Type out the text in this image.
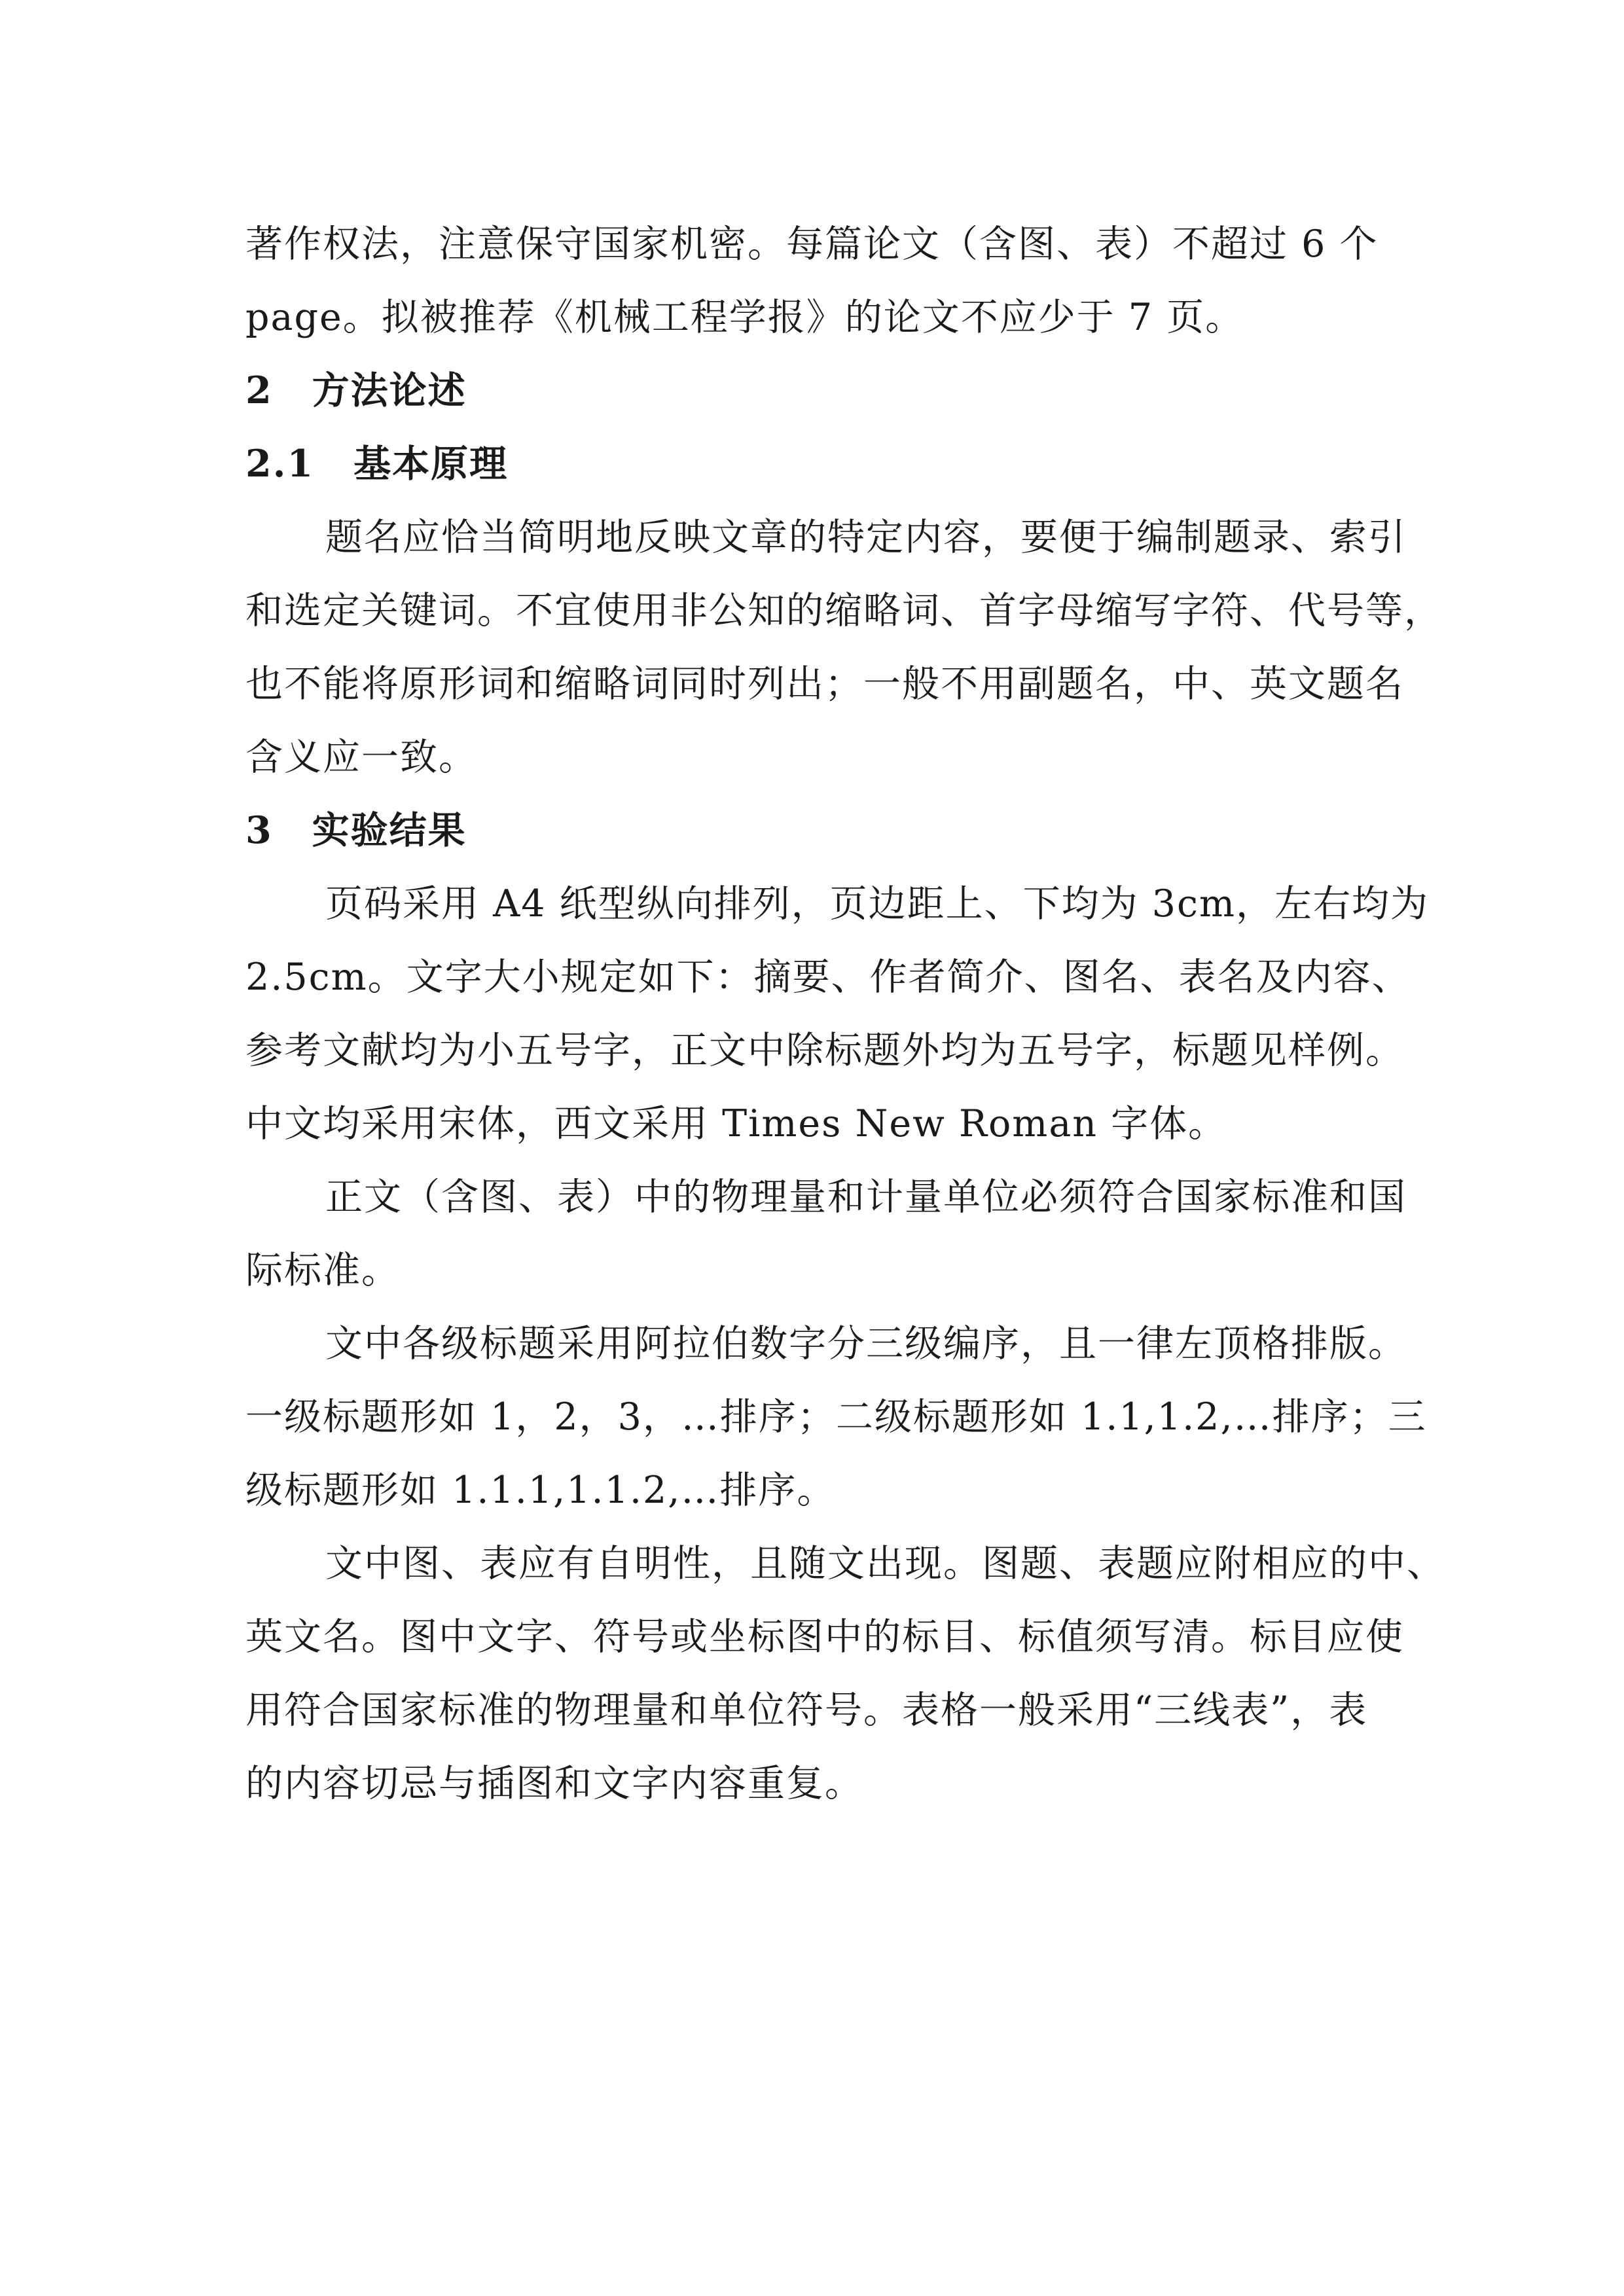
著作权法，注意保守国家机密。每篇论文（含图、表）不超过 6 个
page。拟被推荐《机械工程学报》的论文不应少于 7 页。
2 方法论述
2.1 基本原理
题名应恰当简明地反映文章的特定内容，要便于编制题录、索引
和选定关键词。不宜使用非公知的缩略词、首字母缩写字符、代号等，
也不能将原形词和缩略词同时列出；一般不用副题名，中、英文题名
含义应一致。
3 实验结果
页码采用 A4 纸型纵向排列，页边距上、下均为 3cm，左右均为
2.5cm。文字大小规定如下：摘要、作者简介、图名、表名及内容、
参考文献均为小五号字，正文中除标题外均为五号字，标题见样例。
中文均采用宋体，西文采用 Times New Roman 字体。
正文（含图、表）中的物理量和计量单位必须符合国家标准和国
际标准。
文中各级标题采用阿拉伯数字分三级编序，且一律左顶格排版。
一级标题形如 1，2，3，…排序；二级标题形如 1.1,1.2,…排序；三
级标题形如 1.1.1,1.1.2,…排序。
文中图、表应有自明性，且随文出现。图题、表题应附相应的中、
英文名。图中文字、符号或坐标图中的标目、标值须写清。标目应使
用符合国家标准的物理量和单位符号。表格一般采用“三线表”，表
的内容切忌与插图和文字内容重复。
